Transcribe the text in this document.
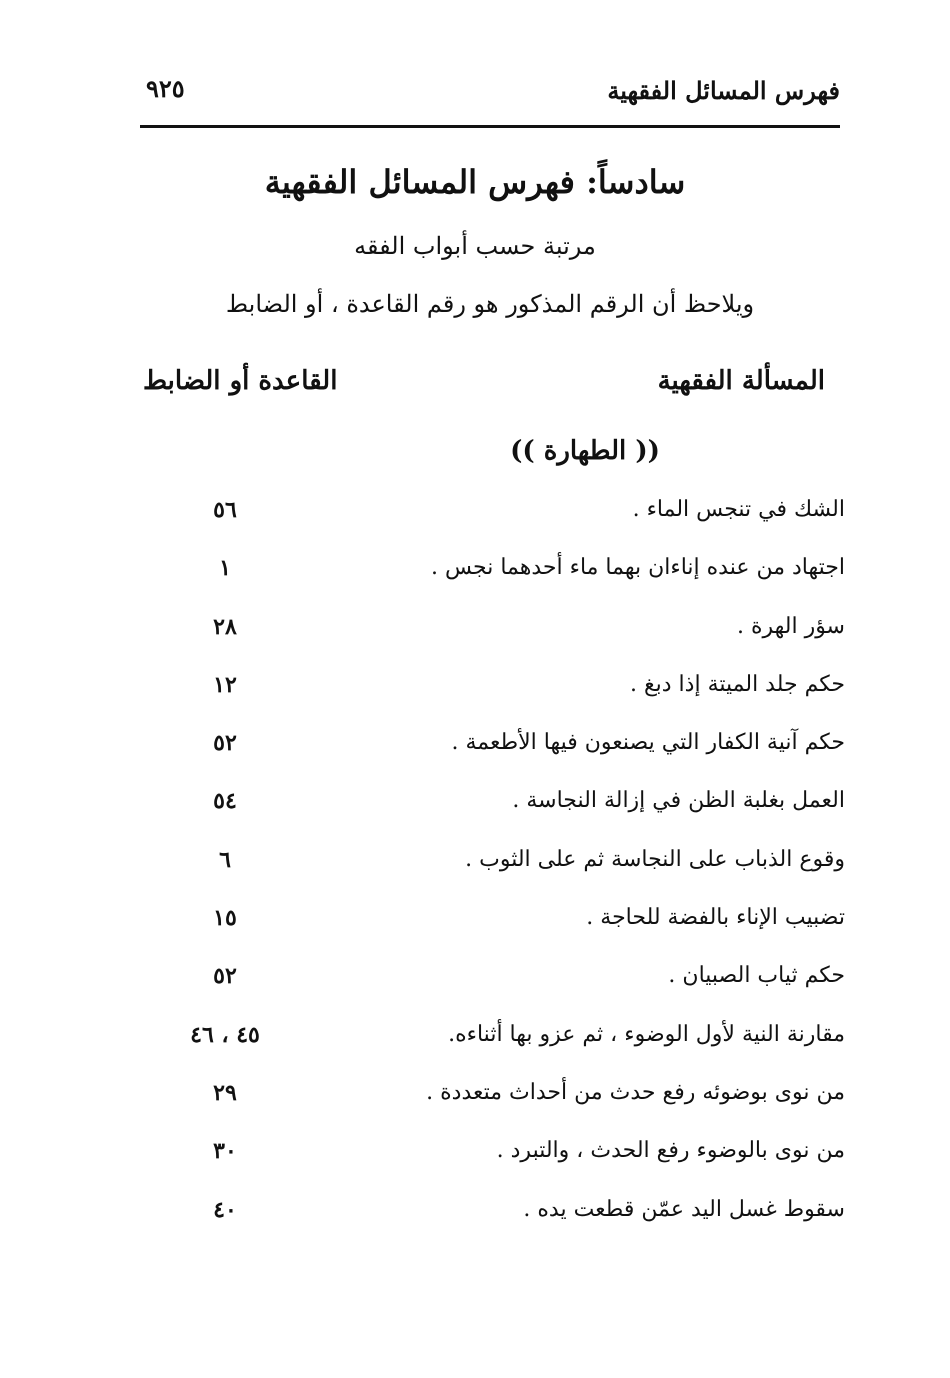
فهرس المسائل الفقهية
٩٢٥
سادساً: فهرس المسائل الفقهية
مرتبة حسب أبواب الفقه
ويلاحظ أن الرقم المذكور هو رقم القاعدة ، أو الضابط
المسألة الفقهية
القاعدة أو الضابط
(( الطهارة ))
الشك في تنجس الماء .
٥٦
اجتهاد من عنده إناءان بهما ماء أحدهما نجس .
١
سؤر الهرة .
٢٨
حكم جلد الميتة إذا دبغ .
١٢
حكم آنية الكفار التي يصنعون فيها الأطعمة .
٥٢
العمل بغلبة الظن في إزالة النجاسة .
٥٤
وقوع الذباب على النجاسة ثم على الثوب .
٦
تضبيب الإناء بالفضة للحاجة .
١٥
حكم ثياب الصبيان .
٥٢
مقارنة النية لأول الوضوء ، ثم عزو بها أثناءه.
٤٥ ، ٤٦
من نوى بوضوئه رفع حدث من أحداث متعددة .
٢٩
من نوى بالوضوء رفع الحدث ، والتبرد .
٣٠
سقوط غسل اليد عمّن قطعت يده .
٤٠
